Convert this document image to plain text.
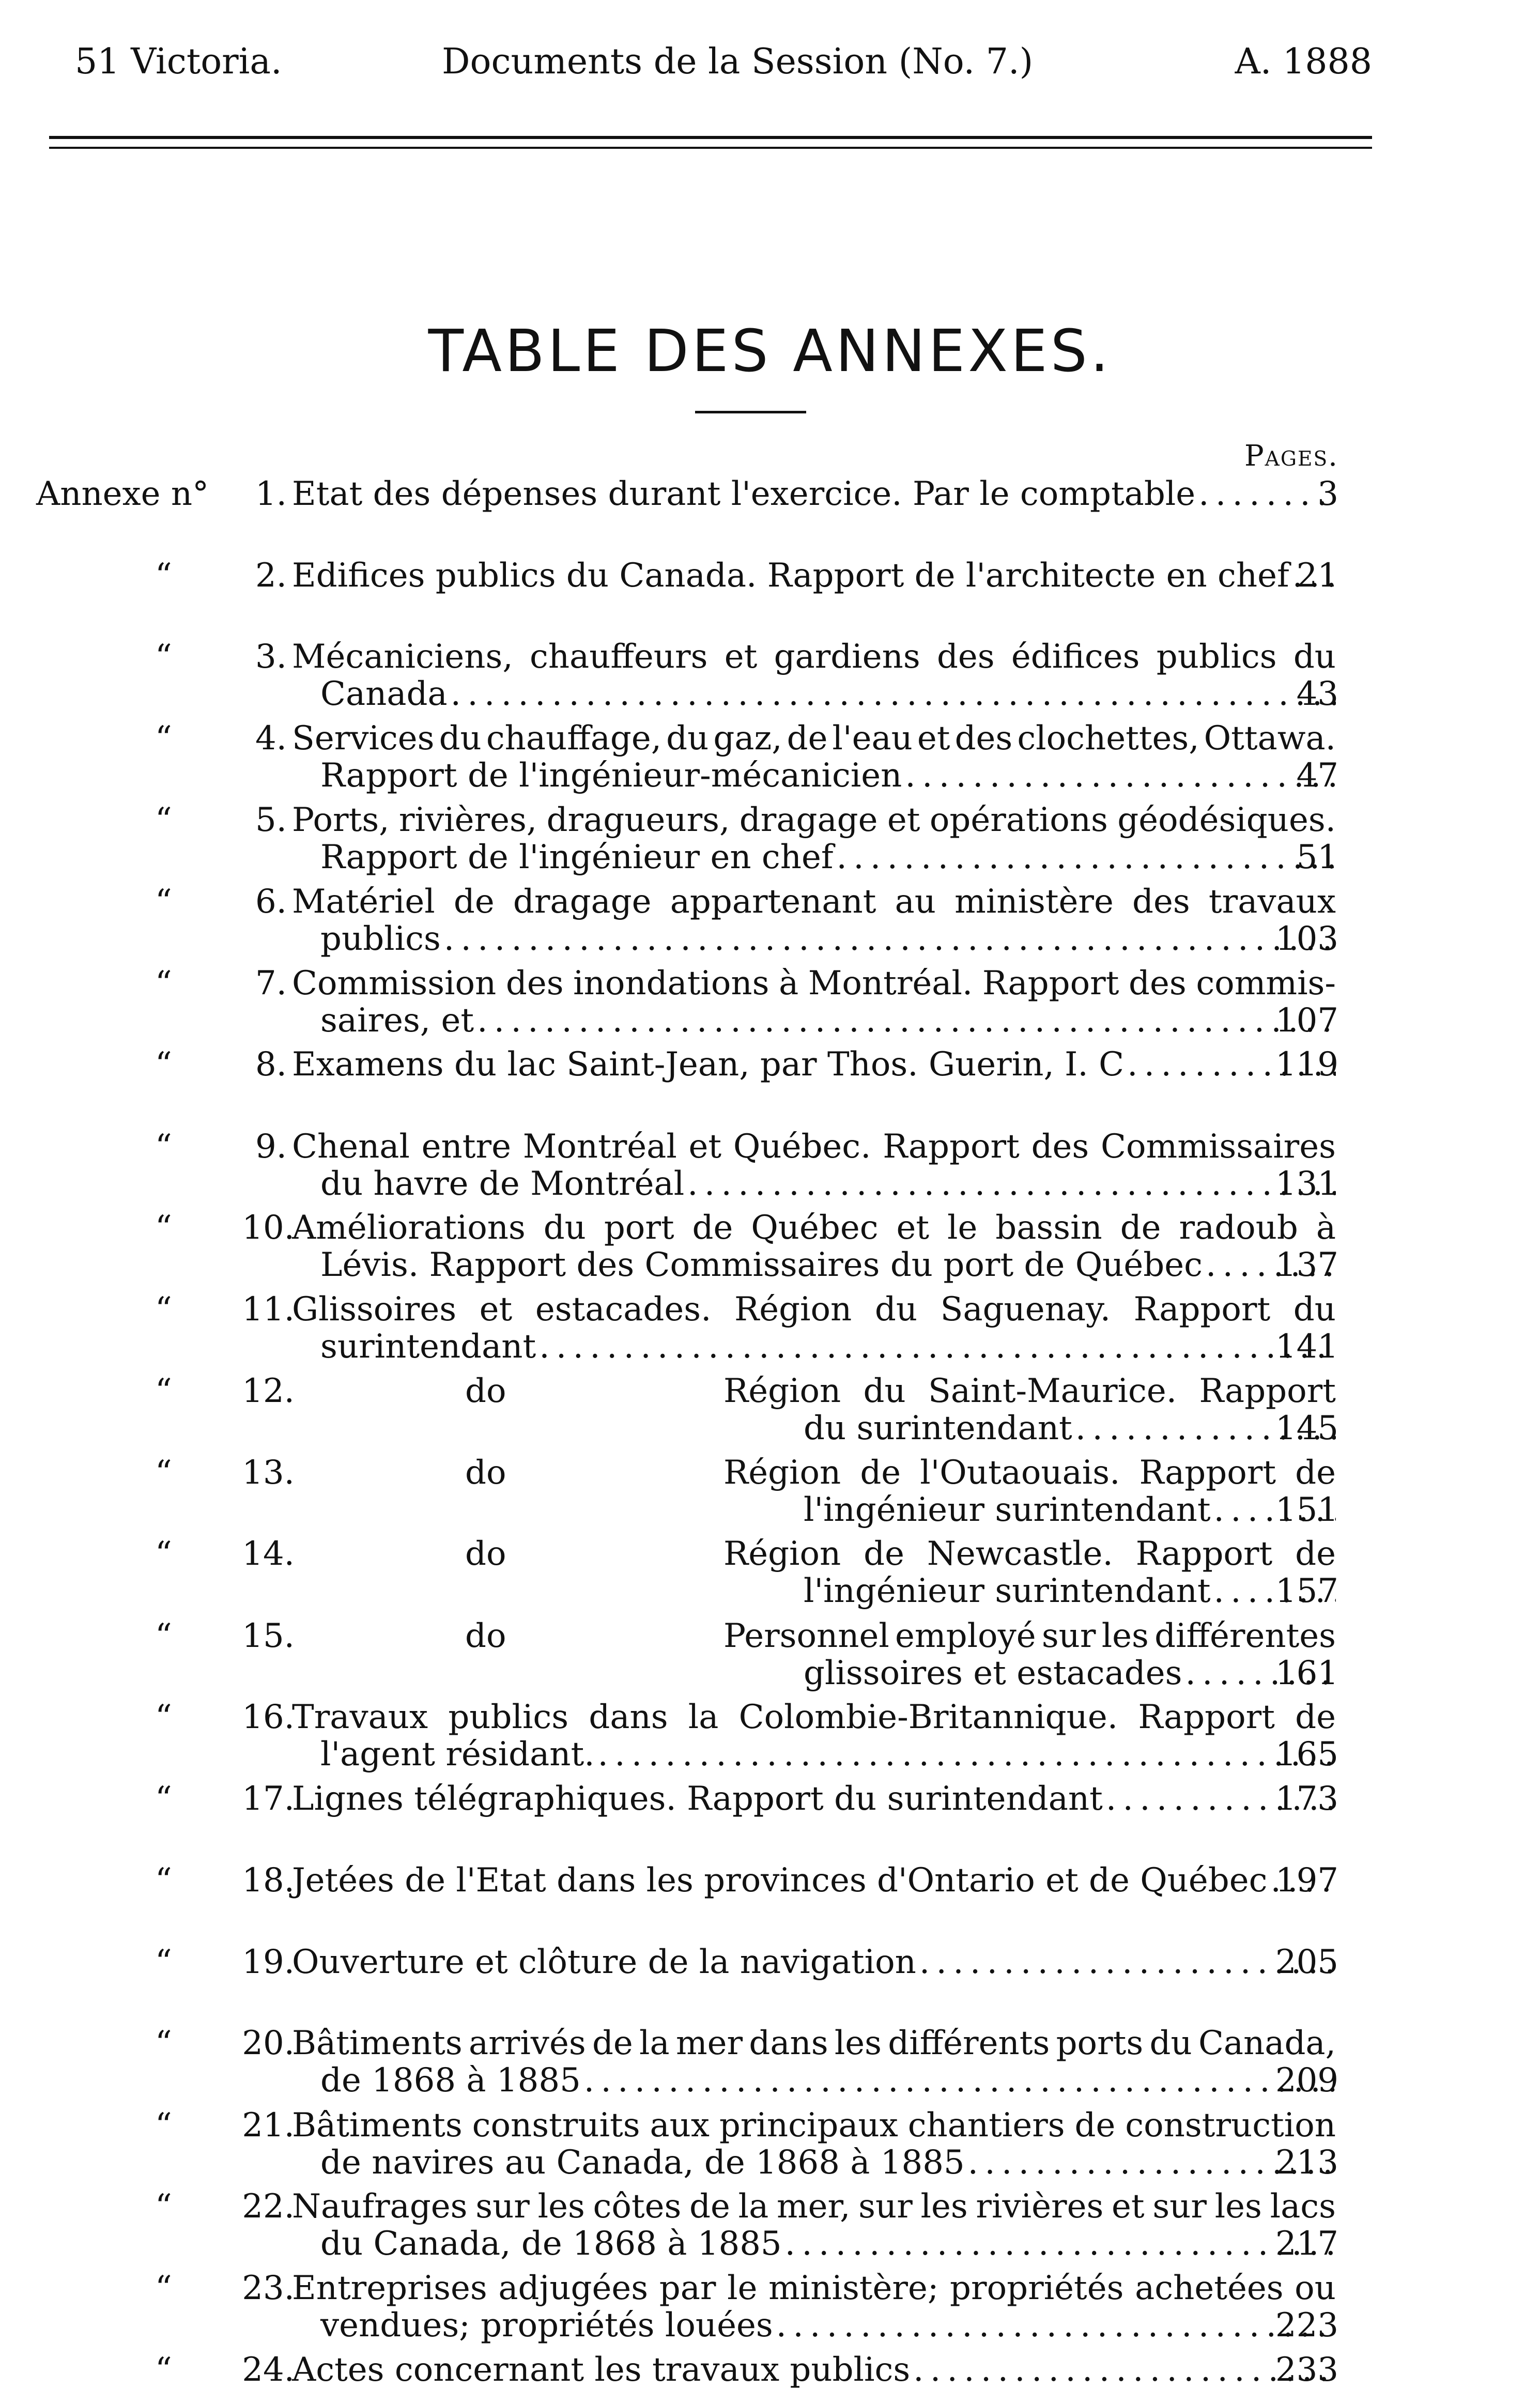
51 Victoria.	Documents de la Session (No. 7.)	A. 1888
TABLE DES ANNEXES.
Pages.
Annexe n°	1. Etat des dépenses durant l'exercice. Par le comptable . . .	3
“	2. Edifices publics du Canada. Rapport de l'architecte en chef . . . 21
“	3. Mécaniciens, chauffeurs et gardiens des édifices publics du
Canada . . .	43
“	4. Services du chauffage, du gaz, de l'eau et des clochettes, Ottawa.
Rapport de l'ingénieur-mécanicien . . .	47
“	5. Ports, rivières, dragueurs, dragage et opérations géodésiques.
Rapport de l'ingénieur en chef . . .	51
“	6. Matériel de dragage appartenant au ministère des travaux
publics . . .	103
“	7. Commission des inondations à Montréal. Rapport des commis-
saires, et . . .	107
“	8. Examens du lac Saint-Jean, par Thos. Guerin, I. C . . .	119
“	9. Chenal entre Montréal et Québec. Rapport des Commissaires
du havre de Montréal . . .	131
“	10.
Améliorations du port de Québec et le bassin de radoub à
Lévis. Rapport des Commissaires du port de Québec . . .	137
“	11.
Glissoires et estacades. Région du Saguenay. Rapport du
surintendant . . .	141
“	12.	do	Région du Saint-Maurice. Rapport
du surintendant . . .	145
“	13.	do	Région de l'Outaouais. Rapport de
l'ingénieur surintendant . . .	151
“	14.	do	Région de Newcastle. Rapport de
l'ingénieur surintendant . . .	157
“	15.	do	Personnel employé sur les différentes
glissoires et estacades . . .	161
“	16.
Travaux publics dans la Colombie-Britannique. Rapport de
l'agent résidant. . . .	165
“	17.
Lignes télégraphiques. Rapport du surintendant . . .	173
“	18.
Jetées de l'Etat dans les provinces d'Ontario et de Québec . . . 197
“	19.
Ouverture et clôture de la navigation . . .	205
“	20.
Bâtiments arrivés de la mer dans les différents ports du Canada,
de 1868 à 1885 . . .	209
“	21.
Bâtiments construits aux principaux chantiers de construction
de navires au Canada, de 1868 à 1885 . . .	213
“	22.
Naufrages sur les côtes de la mer, sur les rivières et sur les lacs
du Canada, de 1868 à 1885 . . .	217
“	23.
Entreprises adjugées par le ministère; propriétés achetées ou
vendues; propriétés louées . . .	223
“	24.
Actes concernant les travaux publics . . .	233
